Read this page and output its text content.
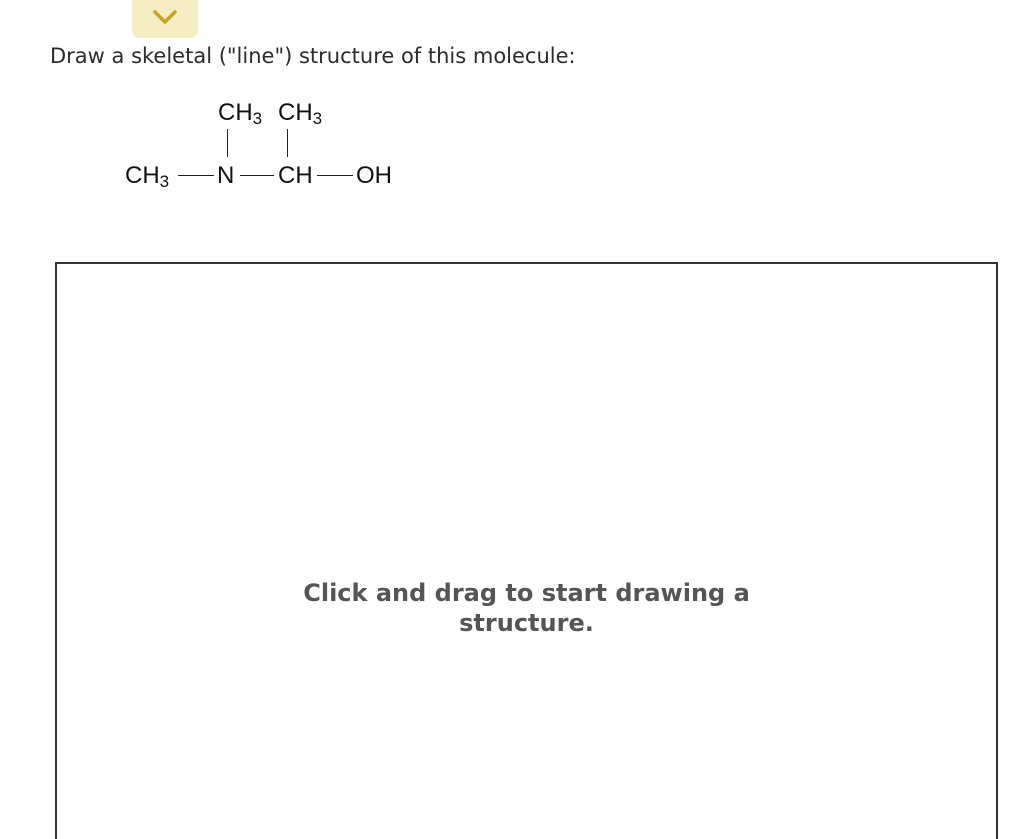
Draw a skeletal ("line") structure of this molecule:
$CH_3$ $CH_3$
$CH_3$ N CH OH
Click and drag to start drawing a
structure.
